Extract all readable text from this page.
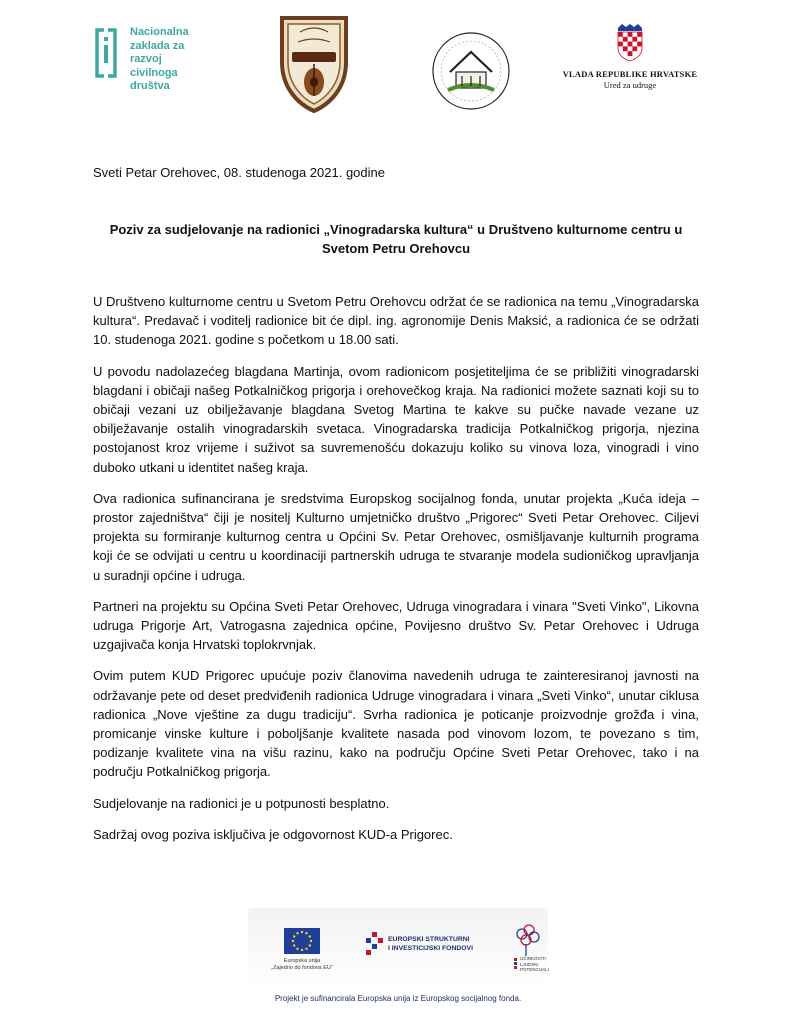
Nacionalna
zaklada za
razvoj
civilnoga
društva
VLADA REPUBLIKE HRVATSKE
Ured za udruge
Sveti Petar Orehovec, 08. studenoga 2021. godine
Poziv za sudjelovanje na radionici „Vinogradarska kultura“ u Društveno kulturnome centru u Svetom Petru Orehovcu

U Društveno kulturnome centru u Svetom Petru Orehovcu održat će se radionica na temu „Vinogradarska kultura“. Predavač i voditelj radionice bit će dipl. ing. agronomije Denis Maksić, a radionica će se održati 10. studenoga 2021. godine s početkom u 18.00 sati.

U povodu nadolazećeg blagdana Martinja, ovom radionicom posjetiteljima će se približiti vinogradarski blagdani i običaji našeg Potkalničkog prigorja i orehovečkog kraja. Na radionici možete saznati koji su to običaji vezani uz obilježavanje blagdana Svetog Martina te kakve su pučke navade vezane uz obilježavanje ostalih vinogradarskih svetaca. Vinogradarska tradicija Potkalničkog prigorja, njezina postojanost kroz vrijeme i suživot sa suvremenošću dokazuju koliko su vinova loza, vinogradi i vino duboko utkani u identitet našeg kraja.

Ova radionica sufinancirana je sredstvima Europskog socijalnog fonda, unutar projekta „Kuća ideja – prostor zajedništva“ čiji je nositelj Kulturno umjetničko društvo „Prigorec“ Sveti Petar Orehovec. Ciljevi projekta su formiranje kulturnog centra u Općini Sv. Petar Orehovec, osmišljavanje kulturnih programa koji će se odvijati u centru u koordinaciji partnerskih udruga te stvaranje modela sudioničkog upravljanja u suradnji općine i udruga.

Partneri na projektu su Općina Sveti Petar Orehovec, Udruga vinogradara i vinara "Sveti Vinko", Likovna udruga Prigorje Art, Vatrogasna zajednica općine, Povijesno društvo Sv. Petar Orehovec i Udruga uzgajivača konja Hrvatski toplokrvnjak.

Ovim putem KUD Prigorec upućuje poziv članovima navedenih udruga te zainteresiranoj javnosti na održavanje pete od deset predviđenih radionica Udruge vinogradara i vinara „Sveti Vinko“, unutar ciklusa radionica „Nove vještine za dugu tradiciju“. Svrha radionica je poticanje proizvodnje grožđa i vina, promicanje vinske kulture i poboljšanje kvalitete nasada pod vinovom lozom, te povezano s tim, podizanje kvalitete vina na višu razinu, kako na području Općine Sveti Petar Orehovec, tako i na području Potkalničkog prigorja.

Sudjelovanje na radionici je u potpunosti besplatno.

Sadržaj ovog poziva isključiva je odgovornost KUD-a Prigorec.

Europska unija
„Zajedno do fondova EU“
EUROPSKI STRUKTURNI
I INVESTICIJSKI FONDOVI
UČINKOVITI
LJUDSKI
POTENCIJALI
Projekt je sufinancirala Europska unija iz Europskog socijalnog fonda.
